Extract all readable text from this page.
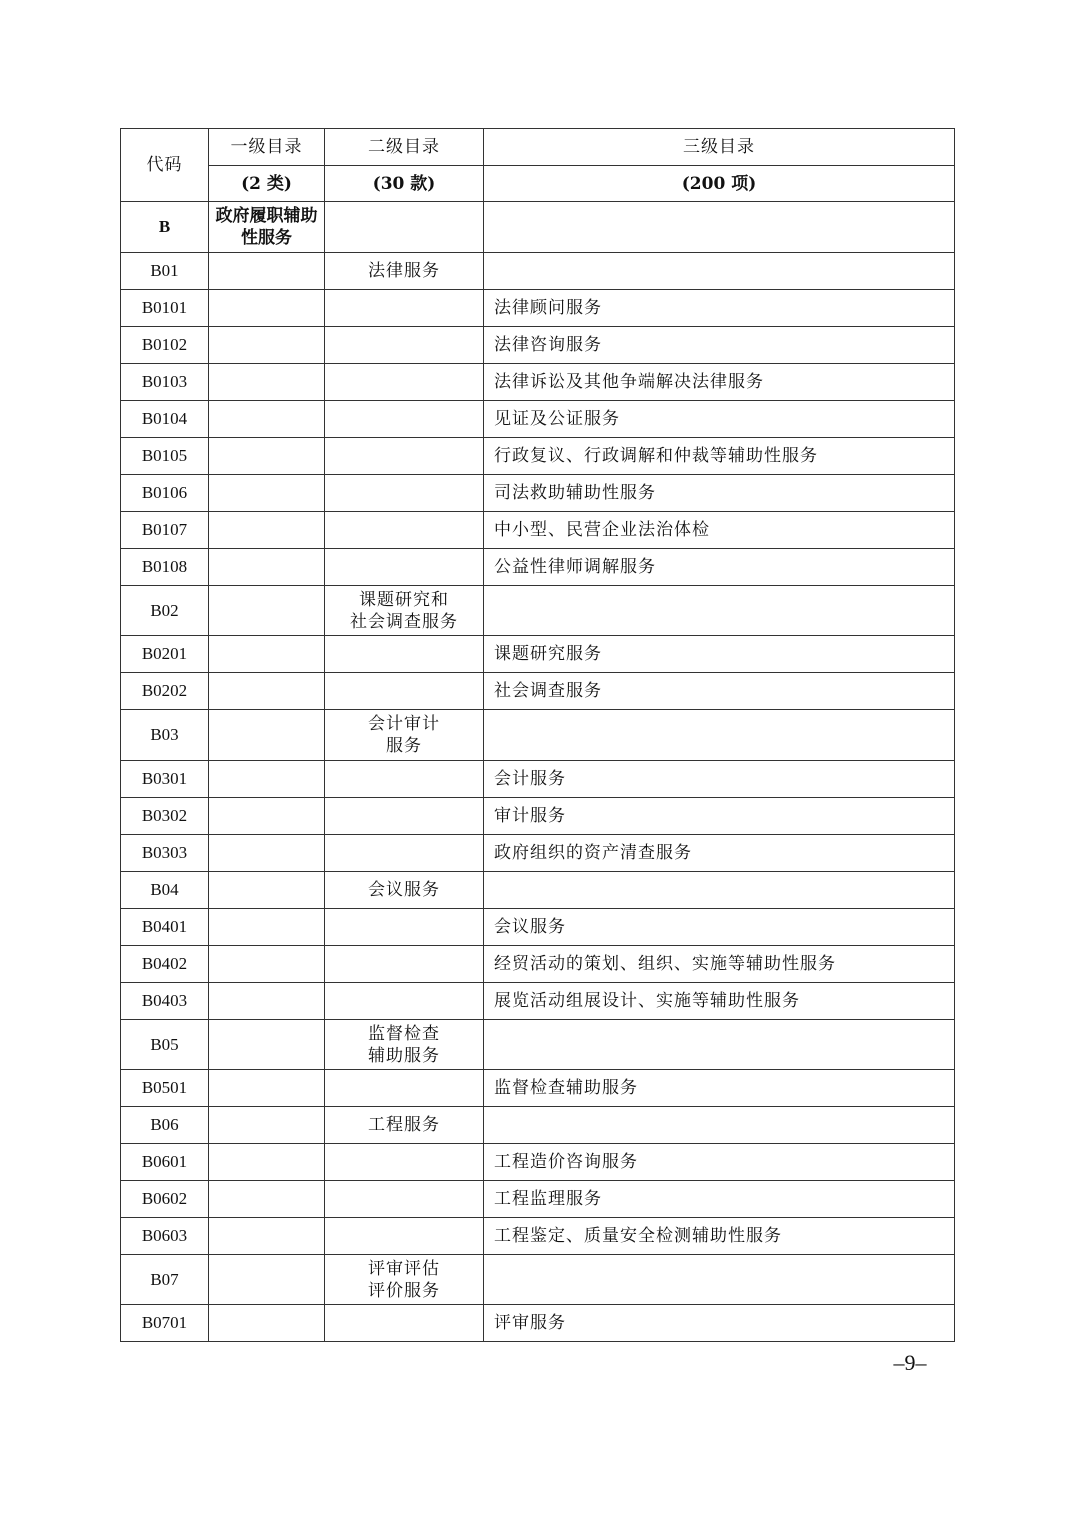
代码	一级目录	二级目录	三级目录
	(2 类)	(30 款)	(200 项)
B	政府履职辅助性服务		
B01		法律服务	
B0101			法律顾问服务
B0102			法律咨询服务
B0103			法律诉讼及其他争端解决法律服务
B0104			见证及公证服务
B0105			行政复议、行政调解和仲裁等辅助性服务
B0106			司法救助辅助性服务
B0107			中小型、民营企业法治体检
B0108			公益性律师调解服务
B02		课题研究和
社会调查服务	
B0201			课题研究服务
B0202			社会调查服务
B03		会计审计
服务	
B0301			会计服务
B0302			审计服务
B0303			政府组织的资产清查服务
B04		会议服务	
B0401			会议服务
B0402			经贸活动的策划、组织、实施等辅助性服务
B0403			展览活动组展设计、实施等辅助性服务
B05		监督检查
辅助服务	
B0501			监督检查辅助服务
B06		工程服务	
B0601			工程造价咨询服务
B0602			工程监理服务
B0603			工程鉴定、质量安全检测辅助性服务
B07		评审评估
评价服务	
B0701			评审服务
–9–
